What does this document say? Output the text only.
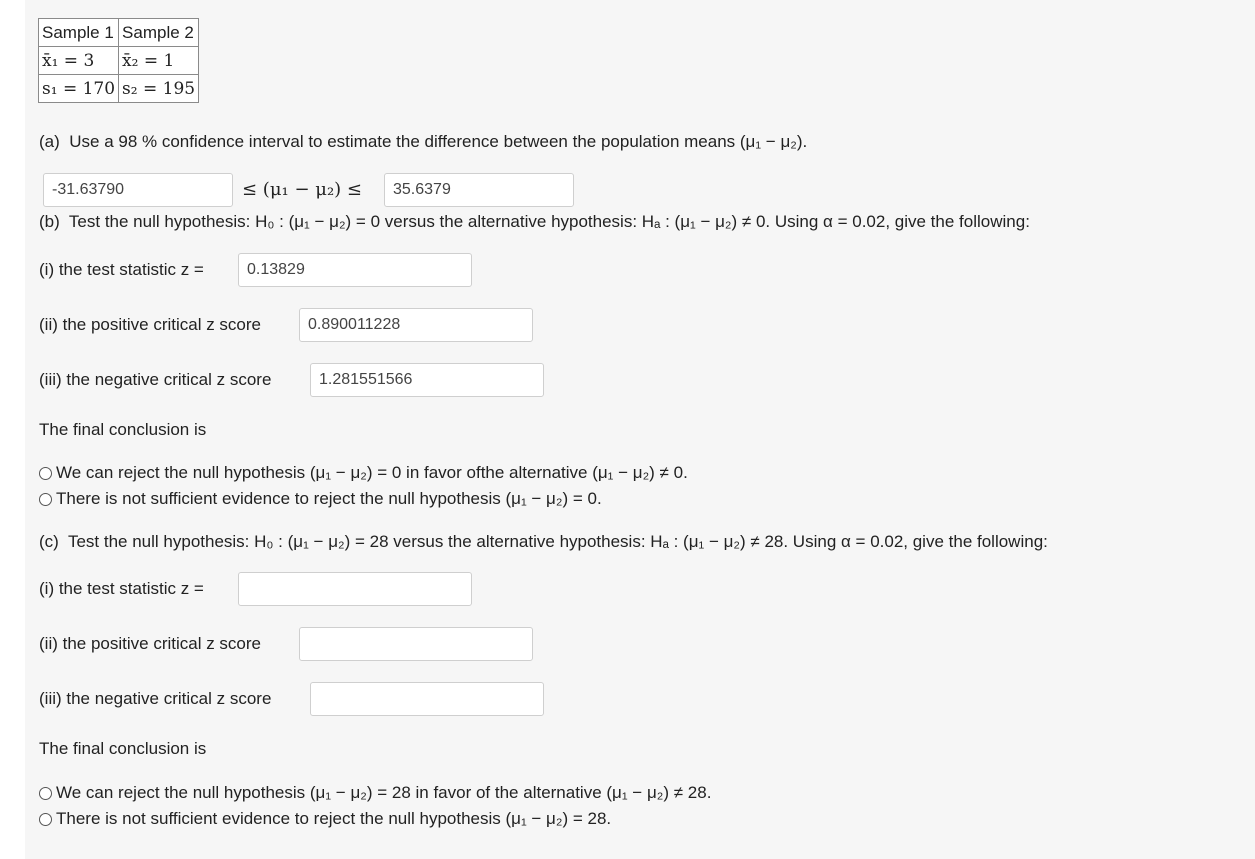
Sample 1	Sample 2
x̄₁ = 3	x̄₂ = 1
s₁ = 170	s₂ = 195
(a) Use a 98 % confidence interval to estimate the difference between the population means (μ₁ − μ₂).
-31.63790
≤ (μ₁ − μ₂) ≤
35.6379
(b) Test the null hypothesis: H₀ : (μ₁ − μ₂) = 0 versus the alternative hypothesis: Hₐ : (μ₁ − μ₂) ≠ 0. Using α = 0.02, give the following:
(i) the test statistic z =
0.13829
(ii) the positive critical z score
0.890011228
(iii) the negative critical z score
1.281551566
The final conclusion is
We can reject the null hypothesis (μ₁ − μ₂) = 0 in favor ofthe alternative (μ₁ − μ₂) ≠ 0.
There is not sufficient evidence to reject the null hypothesis (μ₁ − μ₂) = 0.
(c) Test the null hypothesis: H₀ : (μ₁ − μ₂) = 28 versus the alternative hypothesis: Hₐ : (μ₁ − μ₂) ≠ 28. Using α = 0.02, give the following:
(i) the test statistic z =
(ii) the positive critical z score
(iii) the negative critical z score
The final conclusion is
We can reject the null hypothesis (μ₁ − μ₂) = 28 in favor of the alternative (μ₁ − μ₂) ≠ 28.
There is not sufficient evidence to reject the null hypothesis (μ₁ − μ₂) = 28.
